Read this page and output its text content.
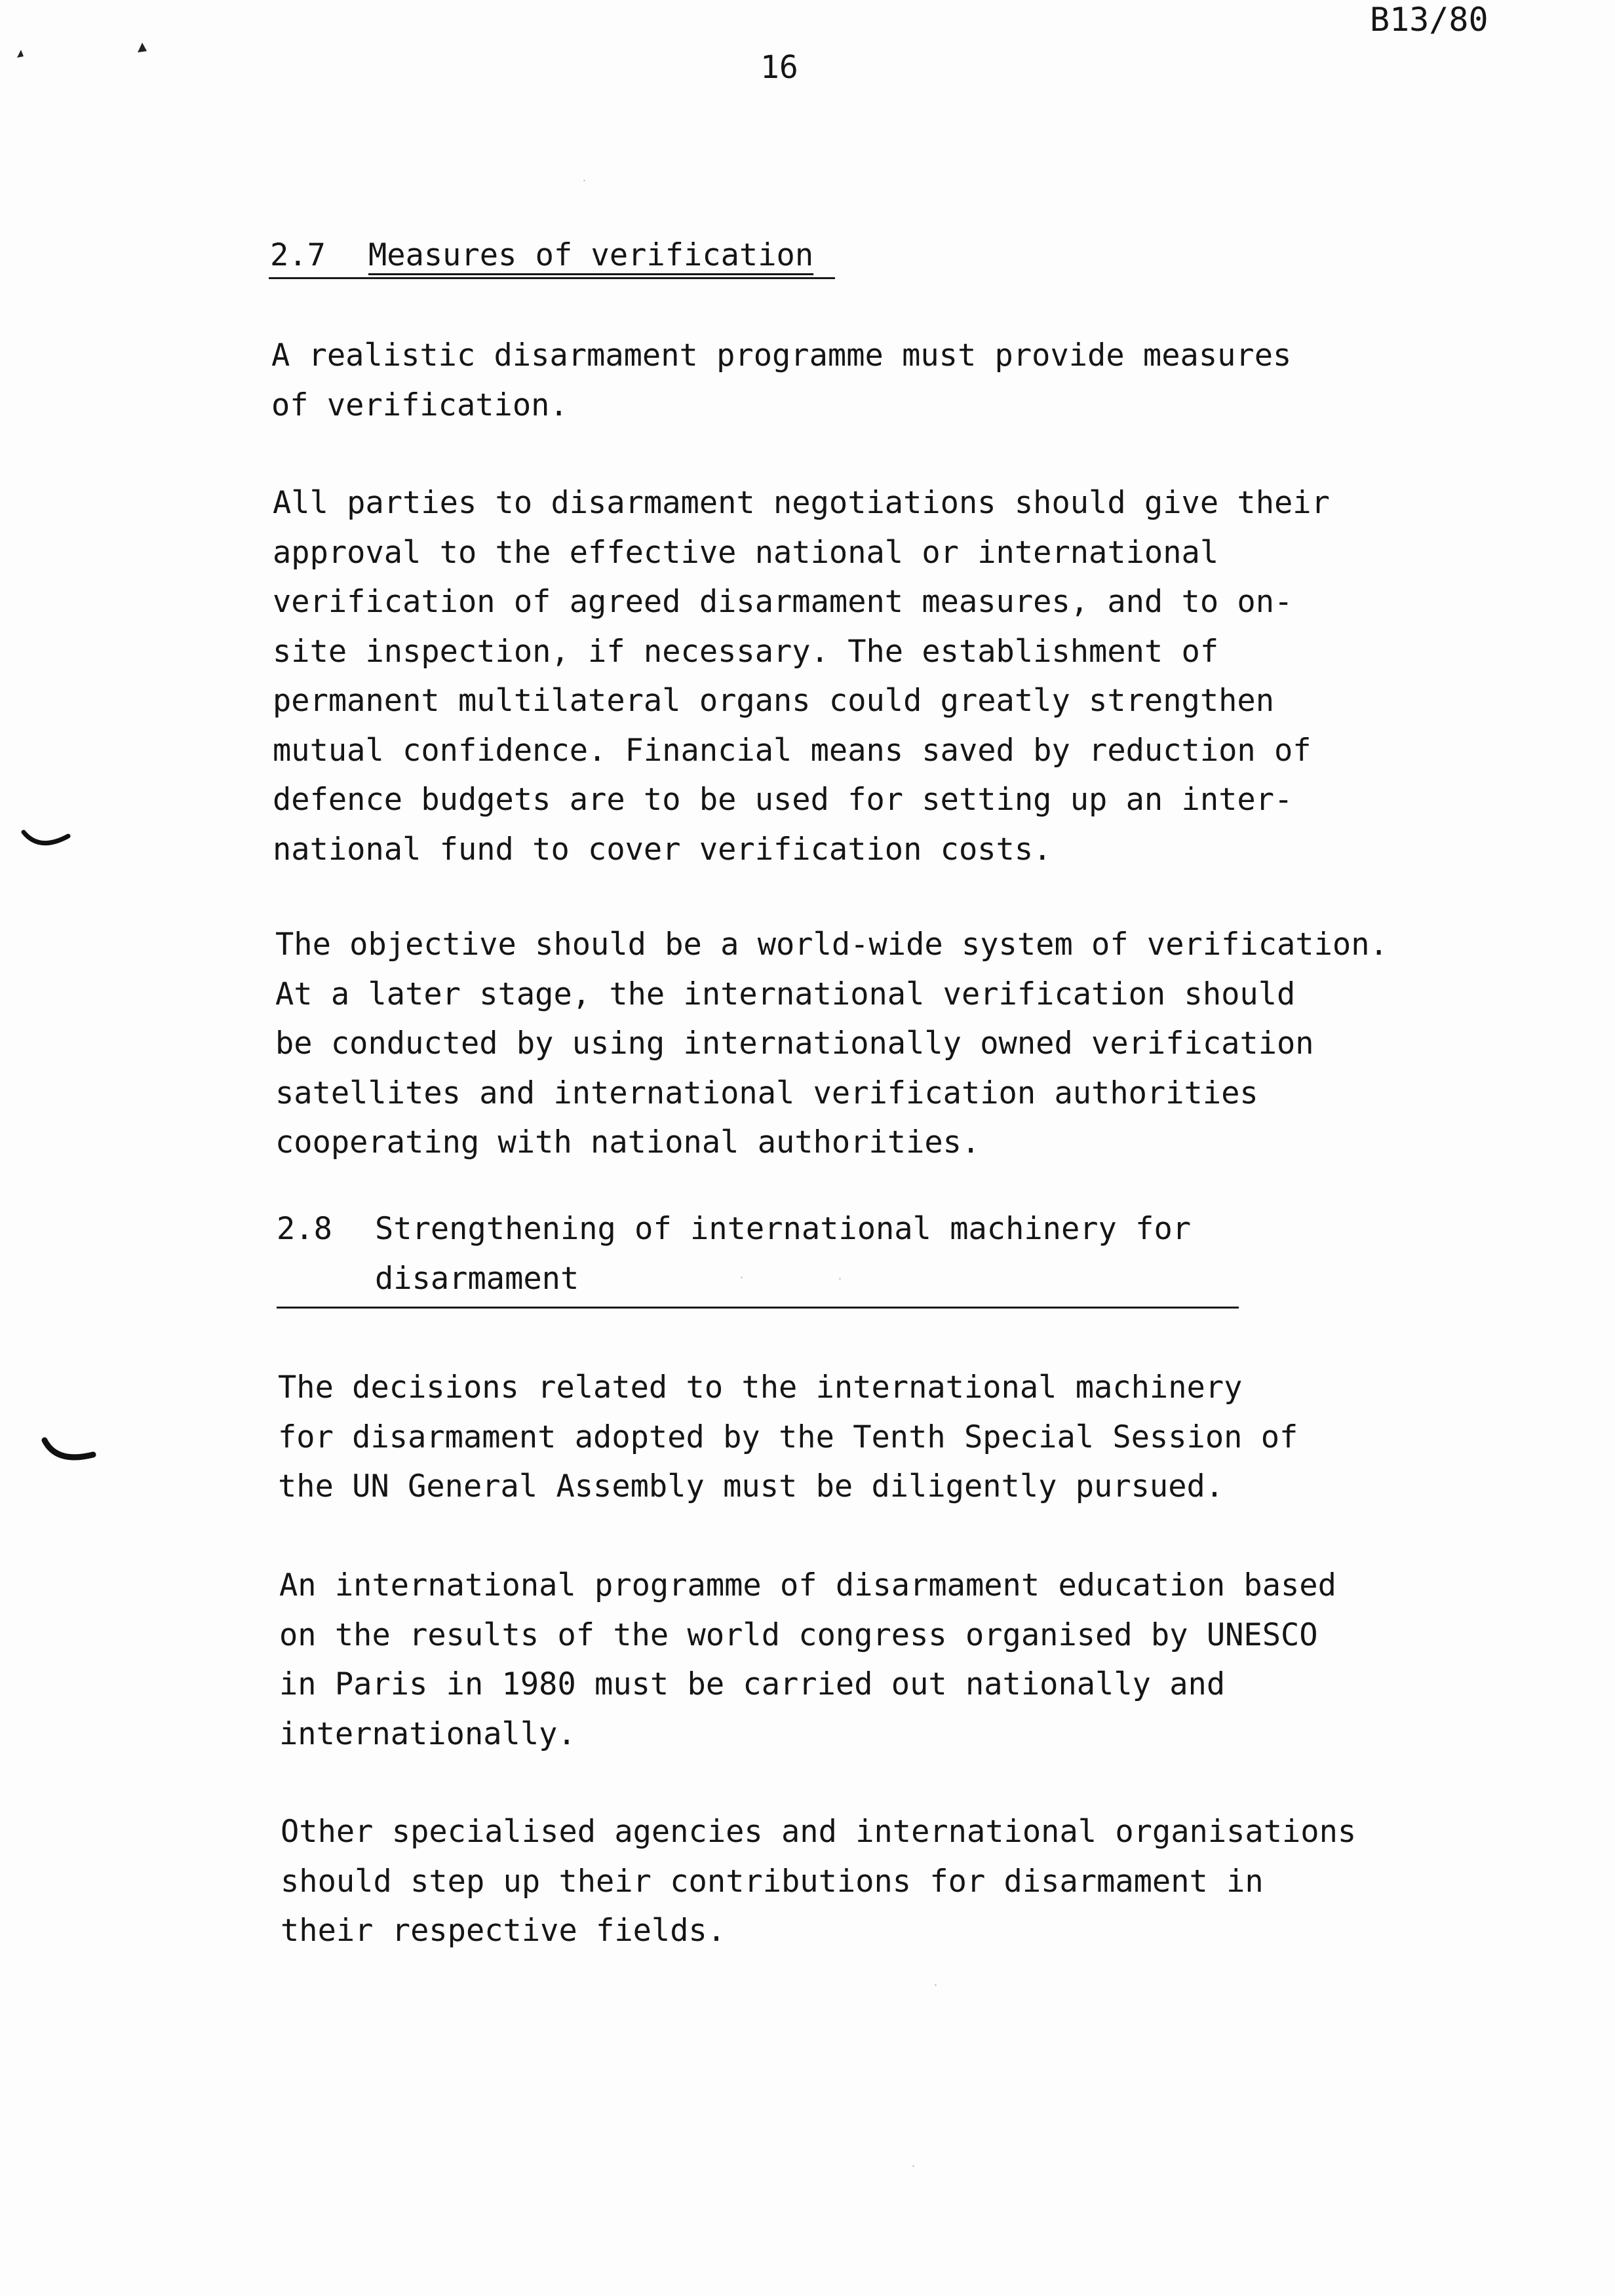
B13/80
16
2.7 Measures of verification
A realistic disarmament programme must provide measures
of verification.
All parties to disarmament negotiations should give their
approval to the effective national or international
verification of agreed disarmament measures, and to on-
site inspection, if necessary. The establishment of
permanent multilateral organs could greatly strengthen
mutual confidence. Financial means saved by reduction of
defence budgets are to be used for setting up an inter-
national fund to cover verification costs.
The objective should be a world-wide system of verification.
At a later stage, the international verification should
be conducted by using internationally owned verification
satellites and international verification authorities
cooperating with national authorities.
2.8 Strengthening of international machinery for
disarmament
The decisions related to the international machinery
for disarmament adopted by the Tenth Special Session of
the UN General Assembly must be diligently pursued.
An international programme of disarmament education based
on the results of the world congress organised by UNESCO
in Paris in 1980 must be carried out nationally and
internationally.
Other specialised agencies and international organisations
should step up their contributions for disarmament in
their respective fields.
